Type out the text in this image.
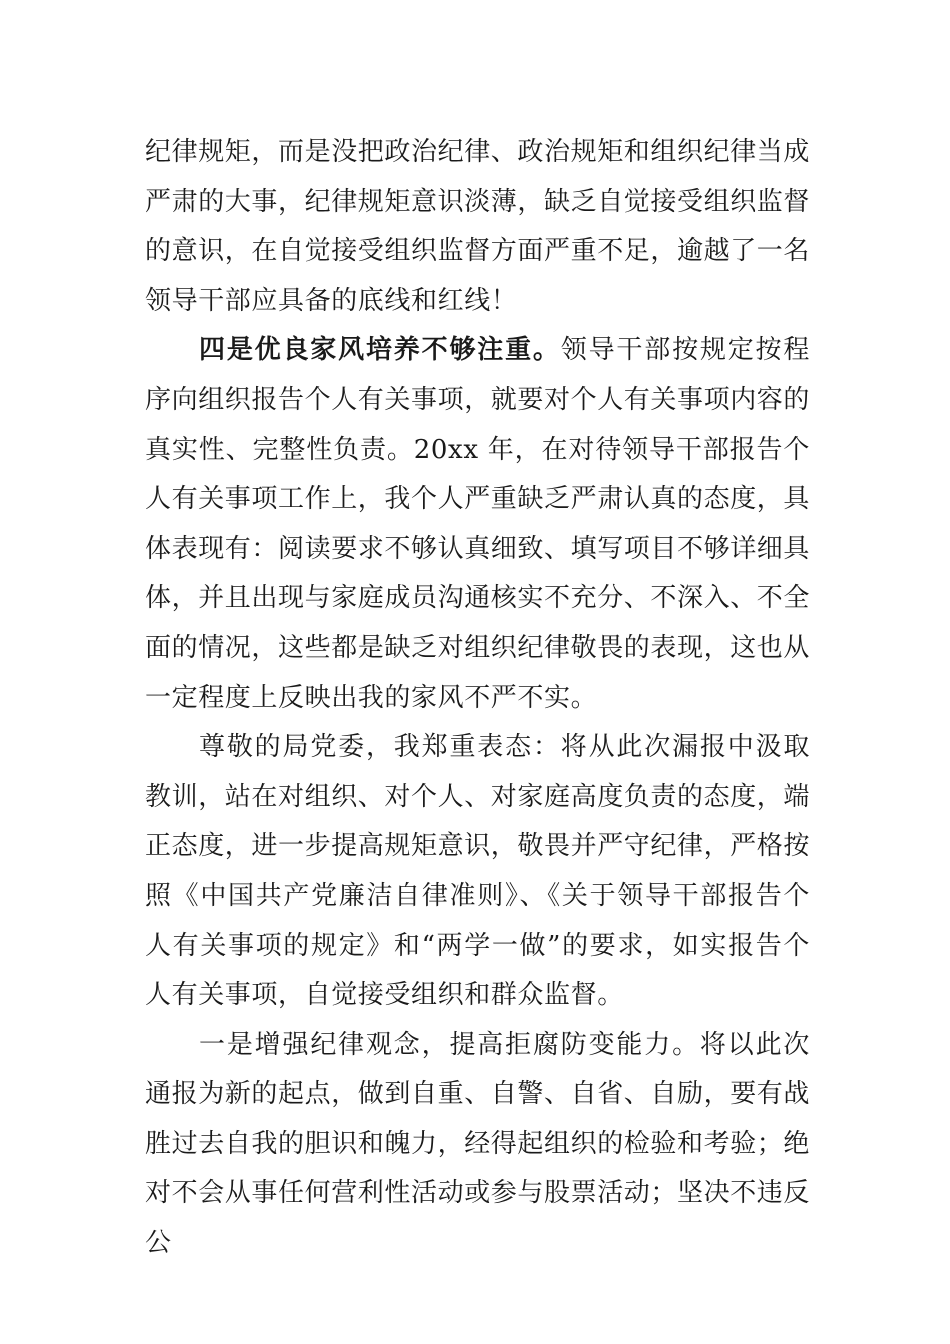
纪律规矩，而是没把政治纪律、政治规矩和组织纪律当成严肃的大事，纪律规矩意识淡薄，缺乏自觉接受组织监督的意识，在自觉接受组织监督方面严重不足，逾越了一名领导干部应具备的底线和红线！

四是优良家风培养不够注重。领导干部按规定按程序向组织报告个人有关事项，就要对个人有关事项内容的真实性、完整性负责。20xx 年，在对待领导干部报告个人有关事项工作上，我个人严重缺乏严肃认真的态度，具体表现有：阅读要求不够认真细致、填写项目不够详细具体，并且出现与家庭成员沟通核实不充分、不深入、不全面的情况，这些都是缺乏对组织纪律敬畏的表现，这也从一定程度上反映出我的家风不严不实。

尊敬的局党委，我郑重表态：将从此次漏报中汲取教训，站在对组织、对个人、对家庭高度负责的态度，端正态度，进一步提高规矩意识，敬畏并严守纪律，严格按照《中国共产党廉洁自律准则》、《关于领导干部报告个人有关事项的规定》和“两学一做”的要求，如实报告个人有关事项，自觉接受组织和群众监督。

一是增强纪律观念，提高拒腐防变能力。将以此次通报为新的起点，做到自重、自警、自省、自励，要有战胜过去自我的胆识和魄力，经得起组织的检验和考验；绝对不会从事任何营利性活动或参与股票活动；坚决不违反公
